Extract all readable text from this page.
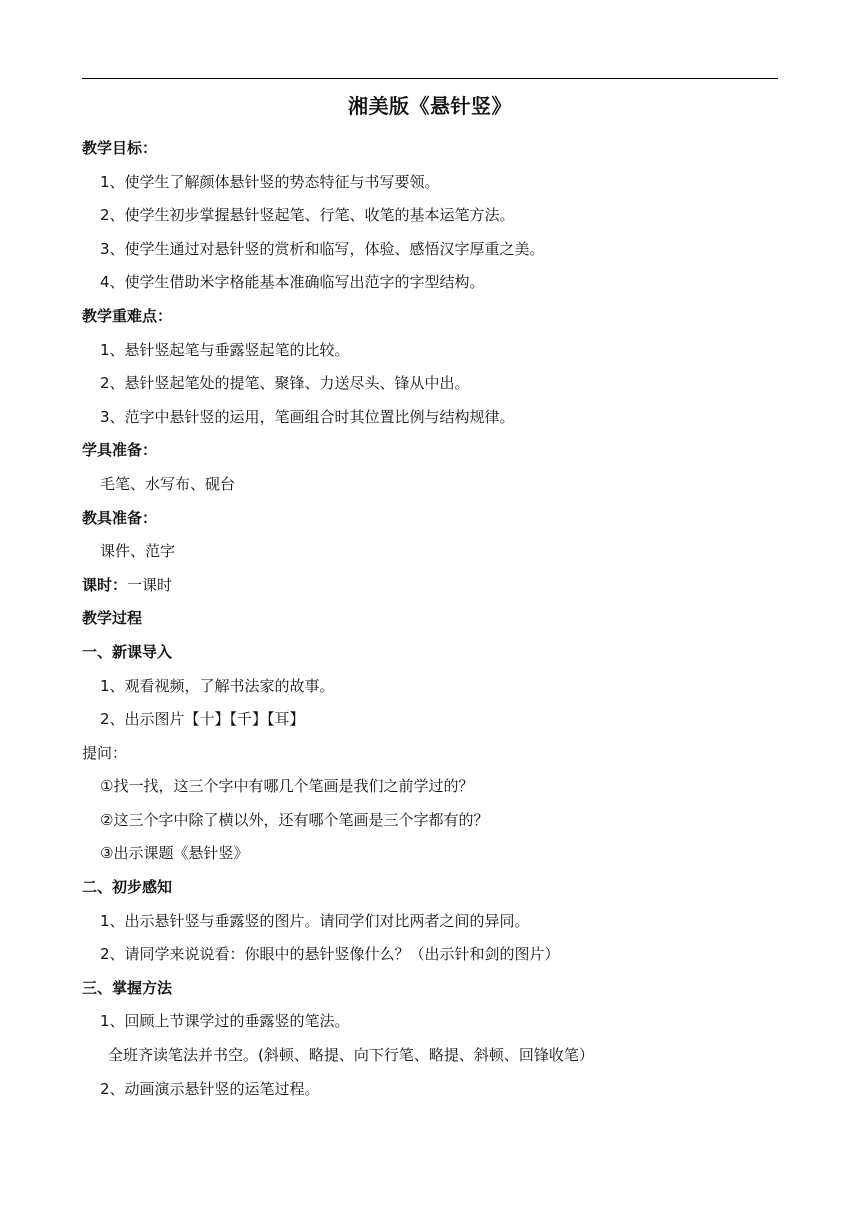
湘美版《悬针竖》
教学目标：
1、使学生了解颜体悬针竖的势态特征与书写要领。
2、使学生初步掌握悬针竖起笔、行笔、收笔的基本运笔方法。
3、使学生通过对悬针竖的赏析和临写，体验、感悟汉字厚重之美。
4、使学生借助米字格能基本准确临写出范字的字型结构。
教学重难点：
1、悬针竖起笔与垂露竖起笔的比较。
2、悬针竖起笔处的提笔、聚锋、力送尽头、锋从中出。
3、范字中悬针竖的运用，笔画组合时其位置比例与结构规律。
学具准备：
毛笔、水写布、砚台
教具准备：
课件、范字
课时：一课时
教学过程
一、新课导入
1、观看视频，了解书法家的故事。
2、出示图片【十】【千】【耳】
提问：
①找一找，这三个字中有哪几个笔画是我们之前学过的？
②这三个字中除了横以外，还有哪个笔画是三个字都有的？
③出示课题《悬针竖》
二、初步感知
1、出示悬针竖与垂露竖的图片。请同学们对比两者之间的异同。
2、请同学来说说看：你眼中的悬针竖像什么？（出示针和剑的图片）
三、掌握方法
1、回顾上节课学过的垂露竖的笔法。
全班齐读笔法并书空。(斜顿、略提、向下行笔、略提、斜顿、回锋收笔）
2、动画演示悬针竖的运笔过程。
